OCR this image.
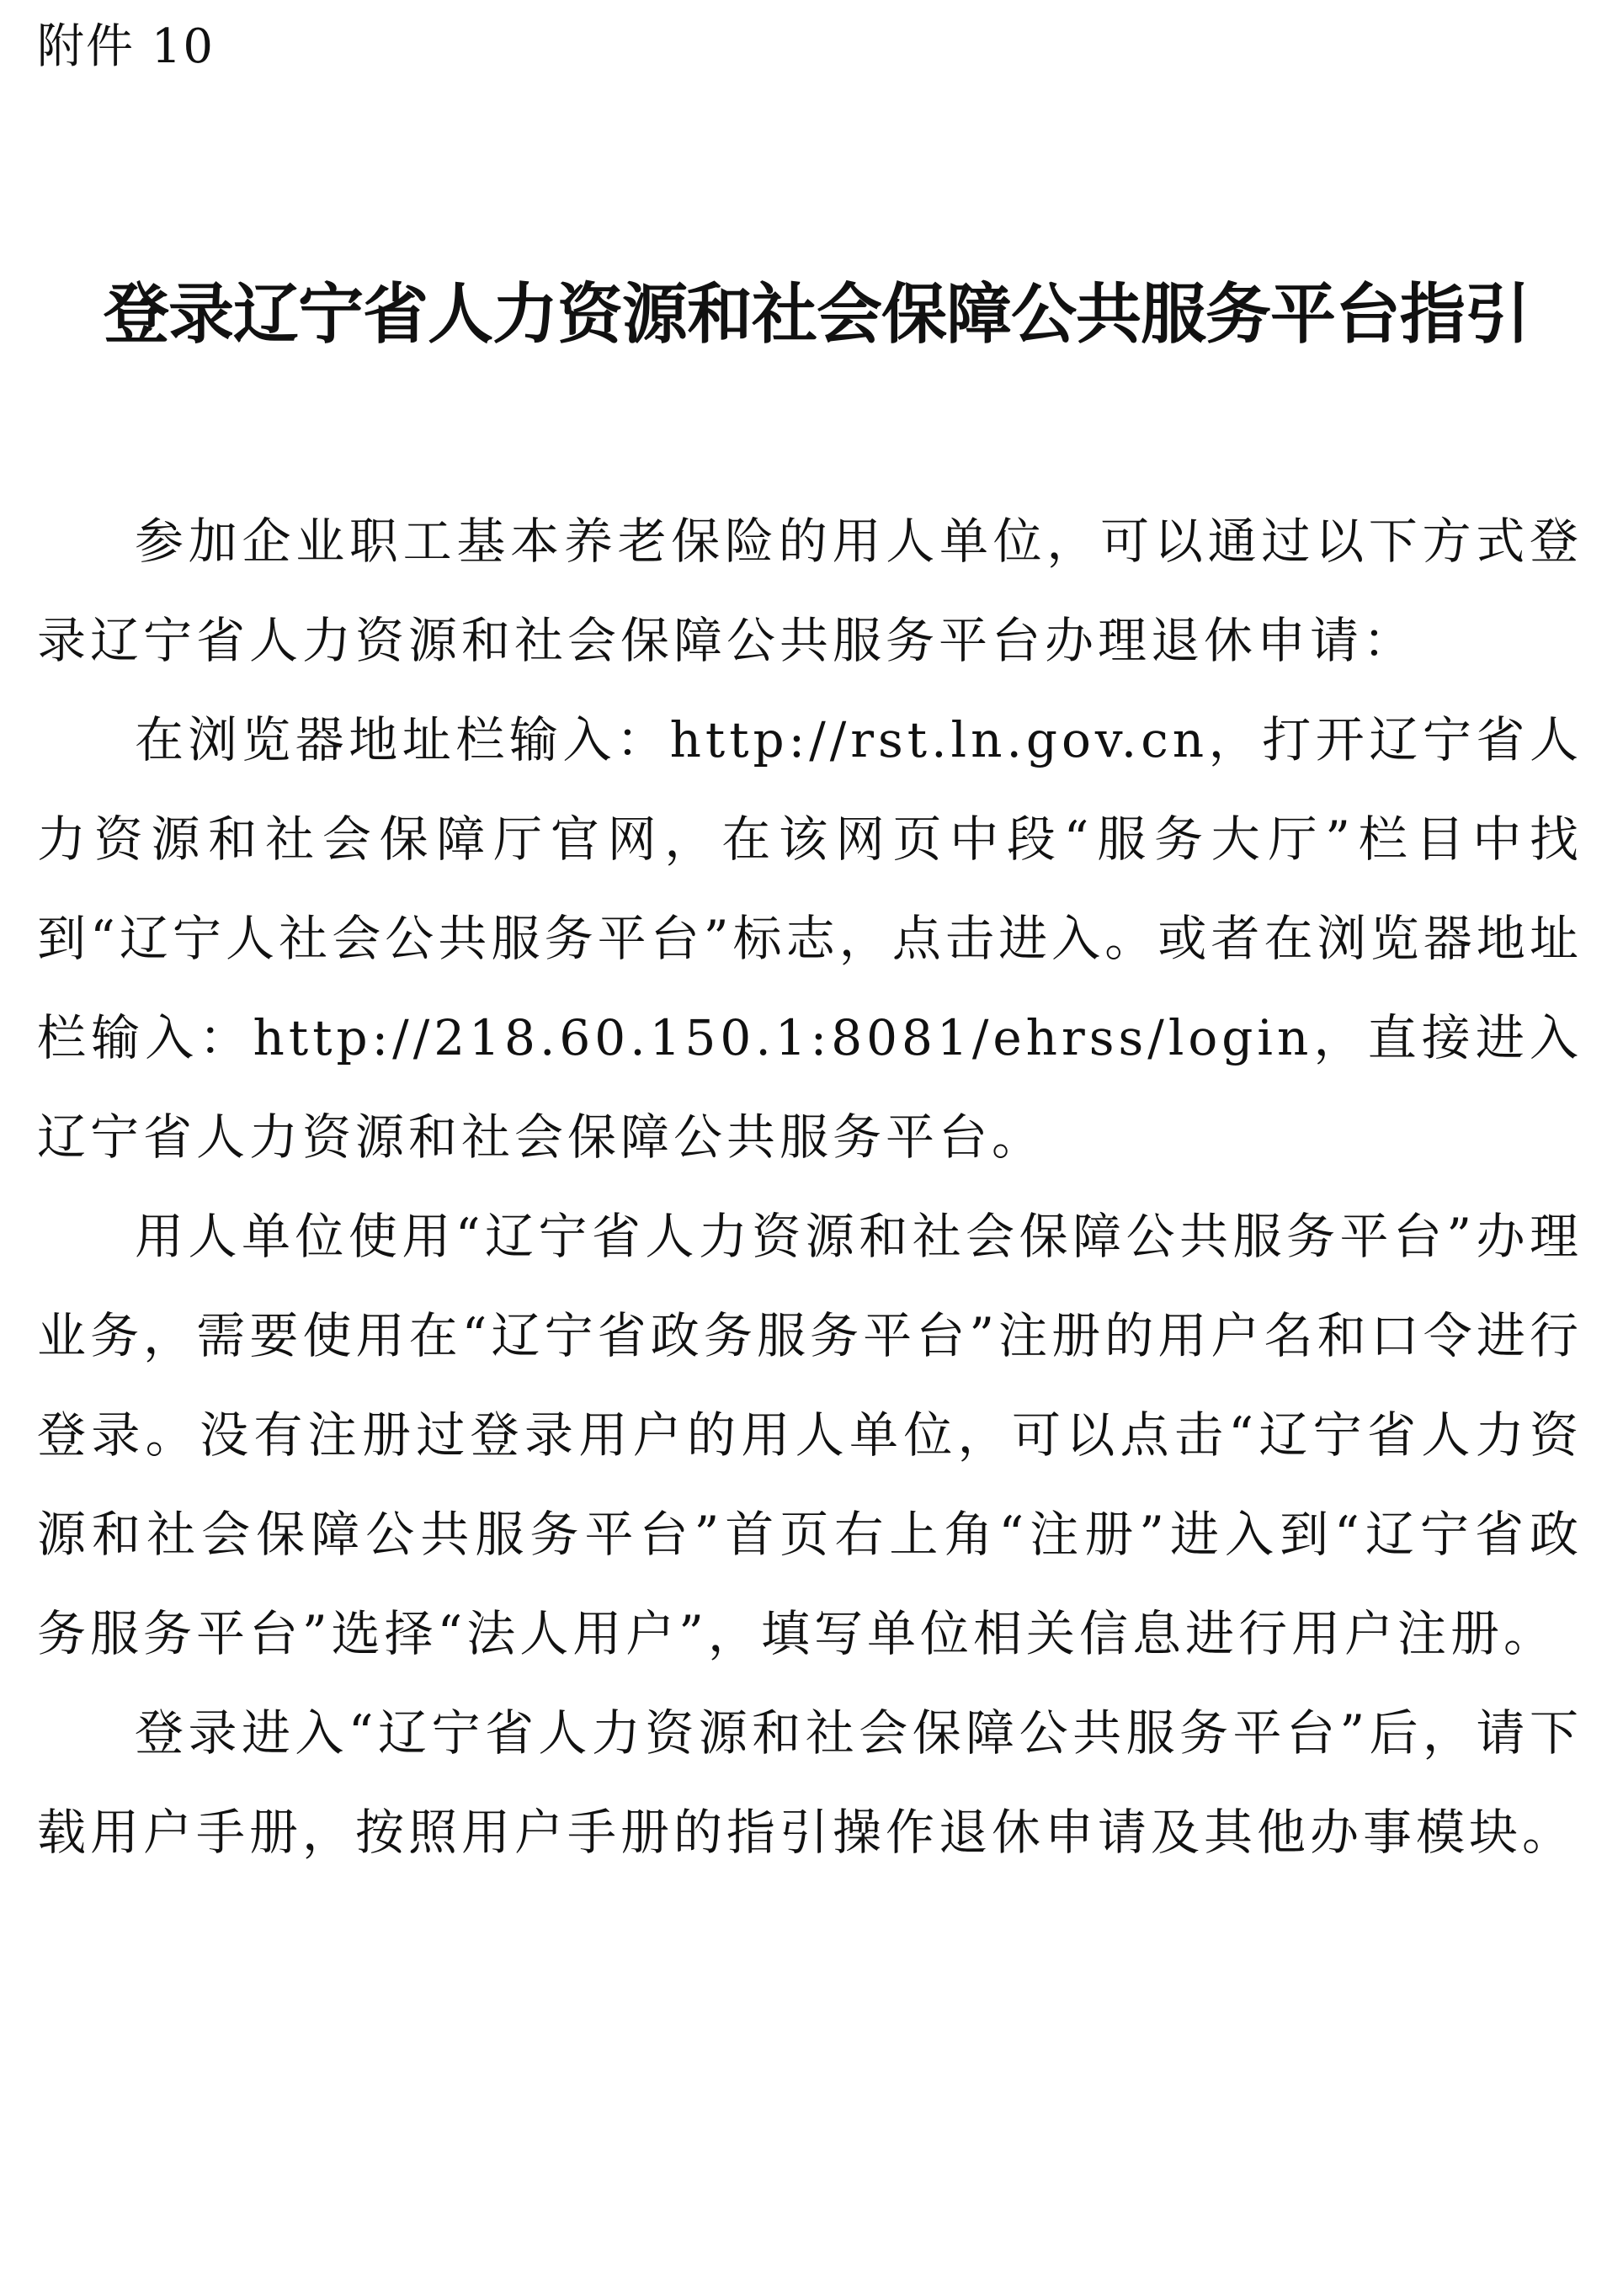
附件 10
登录辽宁省人力资源和社会保障公共服务平台指引

参加企业职工基本养老保险的用人单位，可以通过以下方式登录辽宁省人力资源和社会保障公共服务平台办理退休申请：

在浏览器地址栏输入：http://rst.ln.gov.cn，打开辽宁省人力资源和社会保障厅官网，在该网页中段“服务大厅”栏目中找到“辽宁人社会公共服务平台”标志，点击进入。或者在浏览器地址栏输入：http://218.60.150.1:8081/ehrss/login，直接进入辽宁省人力资源和社会保障公共服务平台。

用人单位使用“辽宁省人力资源和社会保障公共服务平台”办理业务，需要使用在“辽宁省政务服务平台”注册的用户名和口令进行登录。没有注册过登录用户的用人单位，可以点击“辽宁省人力资源和社会保障公共服务平台”首页右上角“注册”进入到“辽宁省政务服务平台”选择“法人用户”，填写单位相关信息进行用户注册。

登录进入“辽宁省人力资源和社会保障公共服务平台”后，请下载用户手册，按照用户手册的指引操作退休申请及其他办事模块。
